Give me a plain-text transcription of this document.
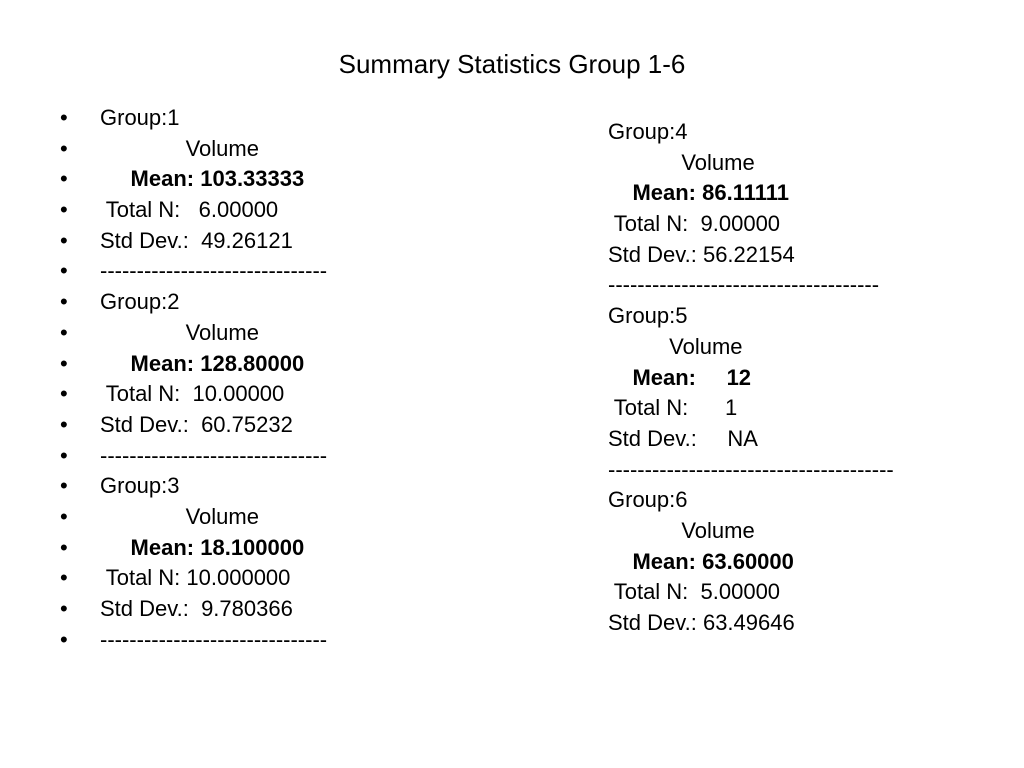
Summary Statistics Group 1-6
•	Group:1
•	Volume
•	Mean: 103.33333
•	Total N:   6.00000
•	Std Dev.:  49.26121
•	-------------------------------
•	Group:2
•	Volume
•	Mean: 128.80000
•	Total N:  10.00000
•	Std Dev.:  60.75232
•	-------------------------------
•	Group:3
•	Volume
•	Mean: 18.100000
•	Total N: 10.000000
•	Std Dev.:  9.780366
•	-------------------------------
Group:4
Volume
Mean: 86.11111
Total N:  9.00000
Std Dev.: 56.22154
-------------------------------------
Group:5
Volume
Mean:     12
Total N:      1
Std Dev.:     NA
---------------------------------------
Group:6
Volume
Mean: 63.60000
Total N:  5.00000
Std Dev.: 63.49646
